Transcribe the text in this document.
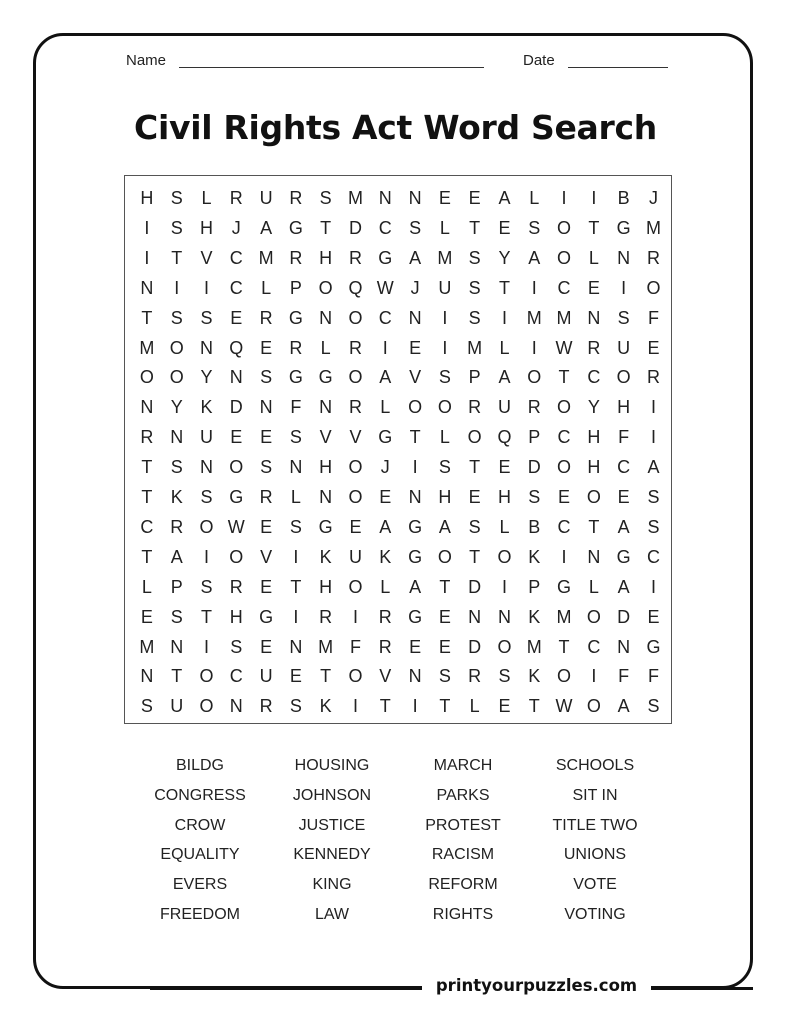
Name	Date
Civil Rights Act Word Search
H S	L	R U R S M N N E E A	L	I	I	B	J
I	S H	J	A G T D C S	L	T	E S O T G M
I	T	V C M R H R G A M S Y A O L	N R
N	I	I	C	L	P O Q W J	U S	T	I	C E	I	O
T	S S E R G N O C N	I	S	I	M M N S	F
M O N Q E R	L	R	I	E	I	M L	I	W R U E
O O Y N S G G O A V S P A O T C O R
N Y K D N F N R	L O O R U R O Y H	I
R N U E E S V V G T	L O Q P C H F	I
T	S N O S N H O	J	I	S	T	E D O H C A
T	K S G R	L	N O E N H E H S E O E S
C R O W E S G E A G A S	L	B C T	A S
T	A	I	O V	I	K U K G O T O K	I	N G C
L	P S R E	T H O L	A	T D	I	P G L	A	I
E S	T H G	I	R	I	R G E N N K M O D E
M N	I	S E N M F R E E D O M T C N G
N T O C U E	T O V N S R S K O	I	F	F
S U O N R S K	I	T	I	T	L	E	T W O A S
BILDG	HOUSING	MARCH	SCHOOLS
CONGRESS	JOHNSON	PARKS	SIT IN
CROW	JUSTICE	PROTEST	TITLE TWO
EQUALITY	KENNEDY	RACISM	UNIONS
EVERS	KING	REFORM	VOTE
FREEDOM	LAW	RIGHTS	VOTING
printyourpuzzles.com
